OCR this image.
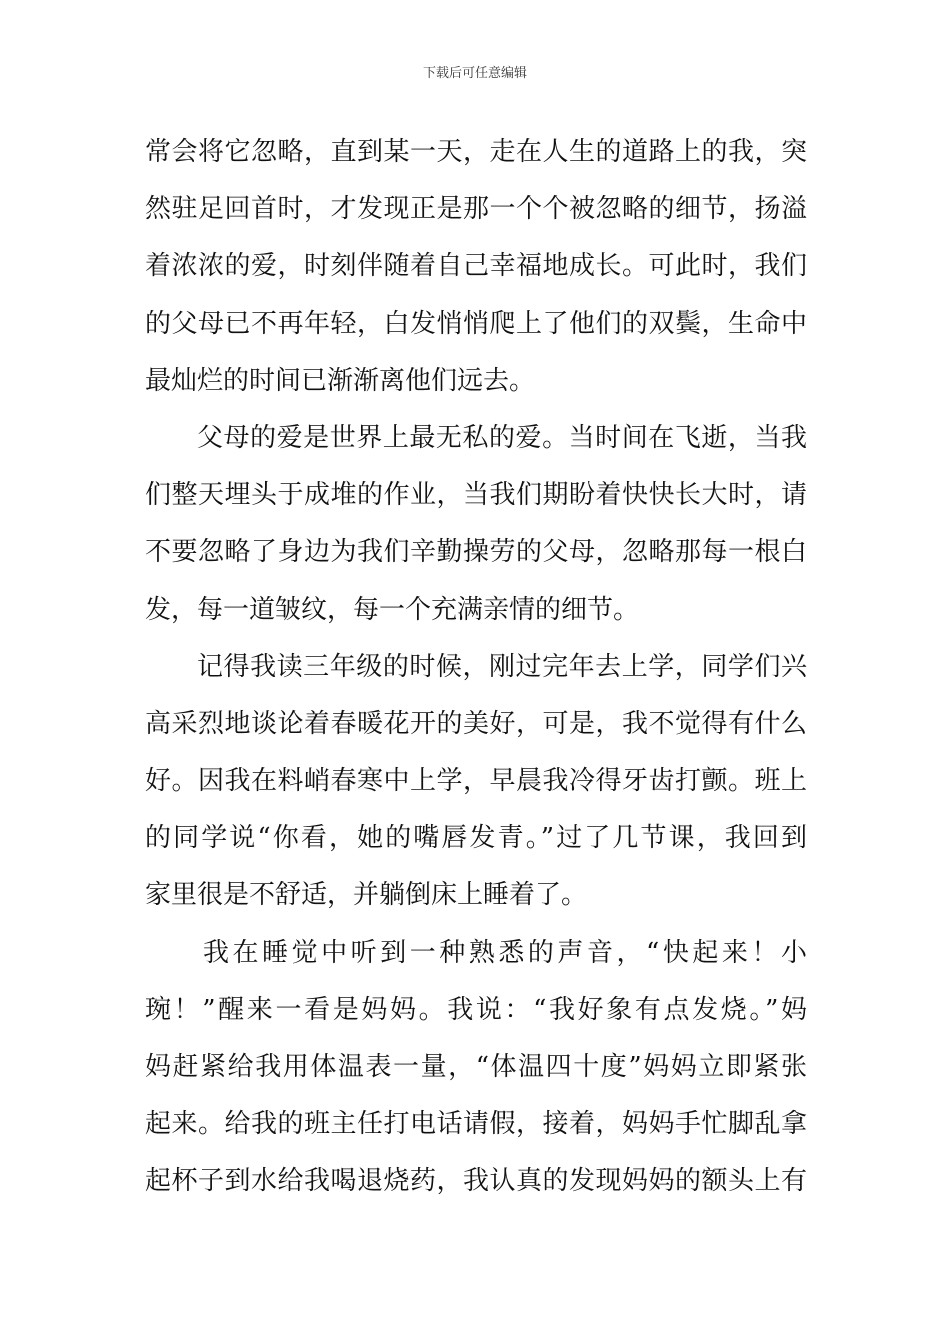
下载后可任意编辑
常会将它忽略，直到某一天，走在人生的道路上的我，突
然驻足回首时，才发现正是那一个个被忽略的细节，扬溢
着浓浓的爱，时刻伴随着自己幸福地成长。可此时，我们
的父母已不再年轻，白发悄悄爬上了他们的双鬓，生命中
最灿烂的时间已渐渐离他们远去。
父母的爱是世界上最无私的爱。当时间在飞逝，当我
们整天埋头于成堆的作业，当我们期盼着快快长大时，请
不要忽略了身边为我们辛勤操劳的父母，忽略那每一根白
发，每一道皱纹，每一个充满亲情的细节。
记得我读三年级的时候，刚过完年去上学，同学们兴
高采烈地谈论着春暖花开的美好，可是，我不觉得有什么
好。因我在料峭春寒中上学，早晨我冷得牙齿打颤。班上
的同学说“你看，她的嘴唇发青。”过了几节课，我回到
家里很是不舒适，并躺倒床上睡着了。
我在睡觉中听到一种熟悉的声音，“快起来！小
琬！”醒来一看是妈妈。我说：“我好象有点发烧。”妈
妈赶紧给我用体温表一量，“体温四十度”妈妈立即紧张
起来。给我的班主任打电话请假，接着，妈妈手忙脚乱拿
起杯子到水给我喝退烧药，我认真的发现妈妈的额头上有
